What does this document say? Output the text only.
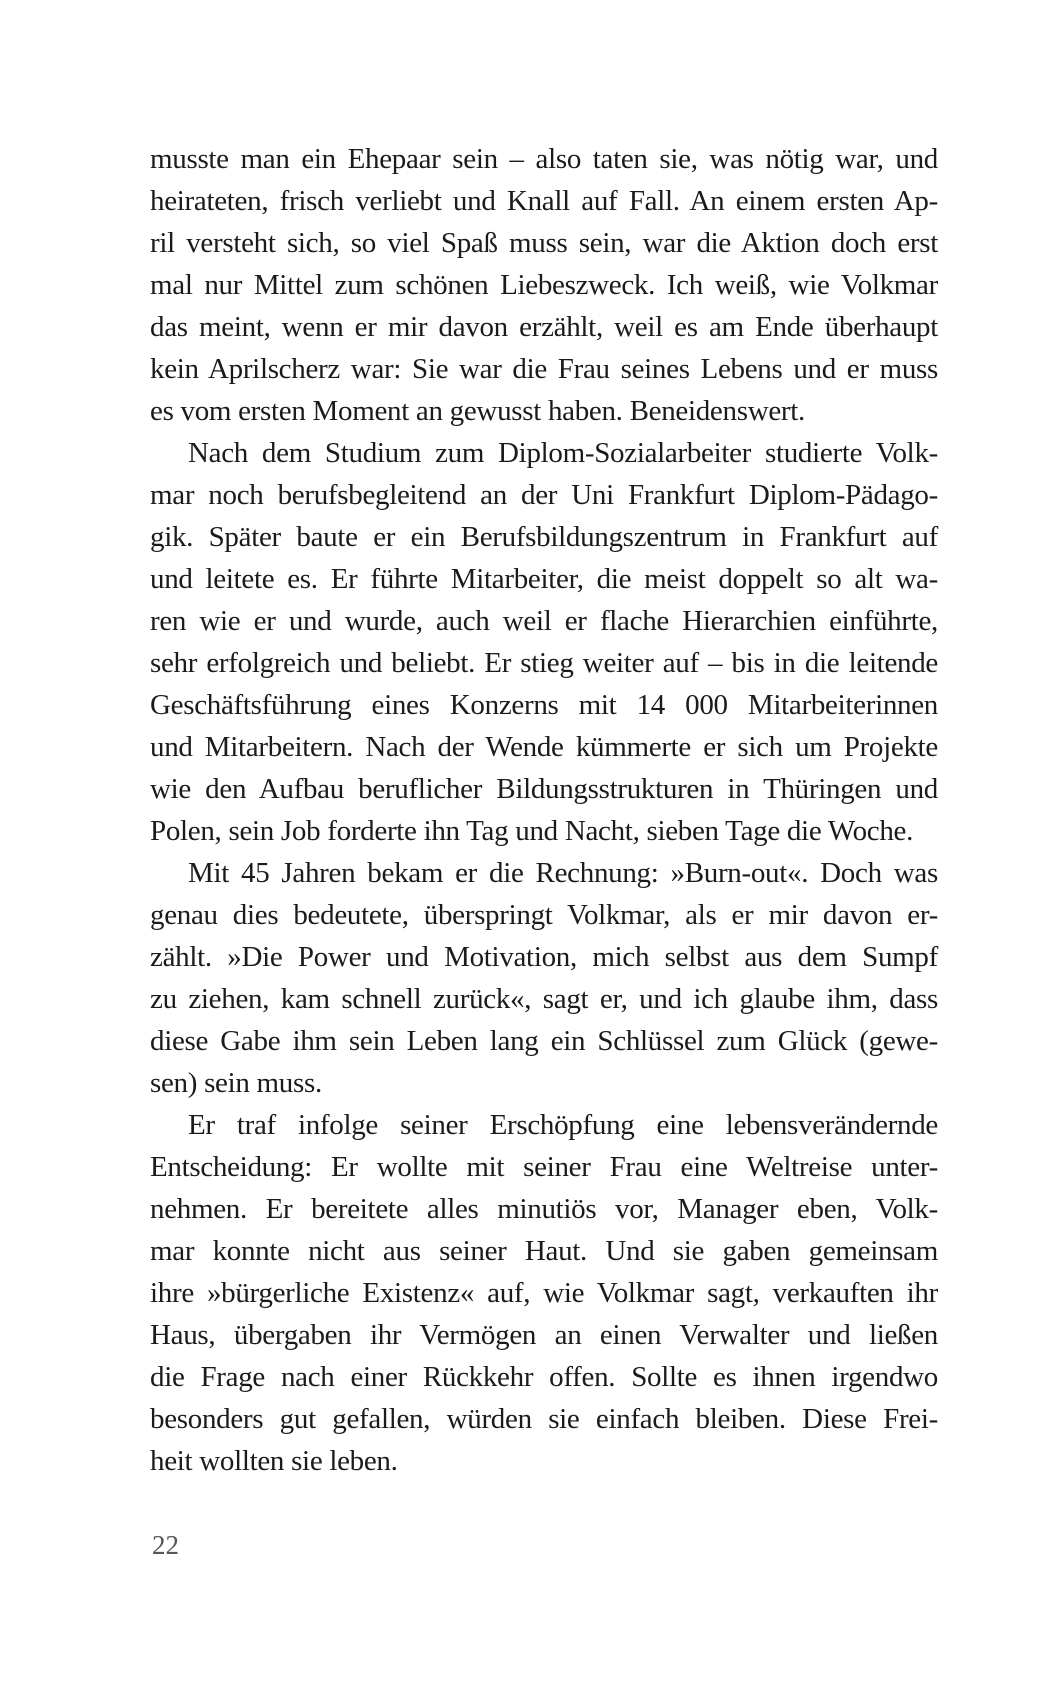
musste man ein Ehepaar sein – also taten sie, was nötig war, und
heirateten, frisch verliebt und Knall auf Fall. An einem ersten Ap-
ril versteht sich, so viel Spaß muss sein, war die Aktion doch erst
mal nur Mittel zum schönen Liebeszweck. Ich weiß, wie Volkmar
das meint, wenn er mir davon erzählt, weil es am Ende überhaupt
kein Aprilscherz war: Sie war die Frau seines Lebens und er muss
es vom ersten Moment an gewusst haben. Beneidenswert.
Nach dem Studium zum Diplom-Sozialarbeiter studierte Volk-
mar noch berufsbegleitend an der Uni Frankfurt Diplom-Pädago-
gik. Später baute er ein Berufsbildungszentrum in Frankfurt auf
und leitete es. Er führte Mitarbeiter, die meist doppelt so alt wa-
ren wie er und wurde, auch weil er flache Hierarchien einführte,
sehr erfolgreich und beliebt. Er stieg weiter auf – bis in die leitende
Geschäftsführung eines Konzerns mit 14 000 Mitarbeiterinnen
und Mitarbeitern. Nach der Wende kümmerte er sich um Projekte
wie den Aufbau beruflicher Bildungsstrukturen in Thüringen und
Polen, sein Job forderte ihn Tag und Nacht, sieben Tage die Woche.
Mit 45 Jahren bekam er die Rechnung: »Burn-out«. Doch was
genau dies bedeutete, überspringt Volkmar, als er mir davon er-
zählt. »Die Power und Motivation, mich selbst aus dem Sumpf
zu ziehen, kam schnell zurück«, sagt er, und ich glaube ihm, dass
diese Gabe ihm sein Leben lang ein Schlüssel zum Glück (gewe-
sen) sein muss.
Er traf infolge seiner Erschöpfung eine lebensverändernde
Entscheidung: Er wollte mit seiner Frau eine Weltreise unter-
nehmen. Er bereitete alles minutiös vor, Manager eben, Volk-
mar konnte nicht aus seiner Haut. Und sie gaben gemeinsam
ihre »bürgerliche Existenz« auf, wie Volkmar sagt, verkauften ihr
Haus, übergaben ihr Vermögen an einen Verwalter und ließen
die Frage nach einer Rückkehr offen. Sollte es ihnen irgendwo
besonders gut gefallen, würden sie einfach bleiben. Diese Frei-
heit wollten sie leben.
22
